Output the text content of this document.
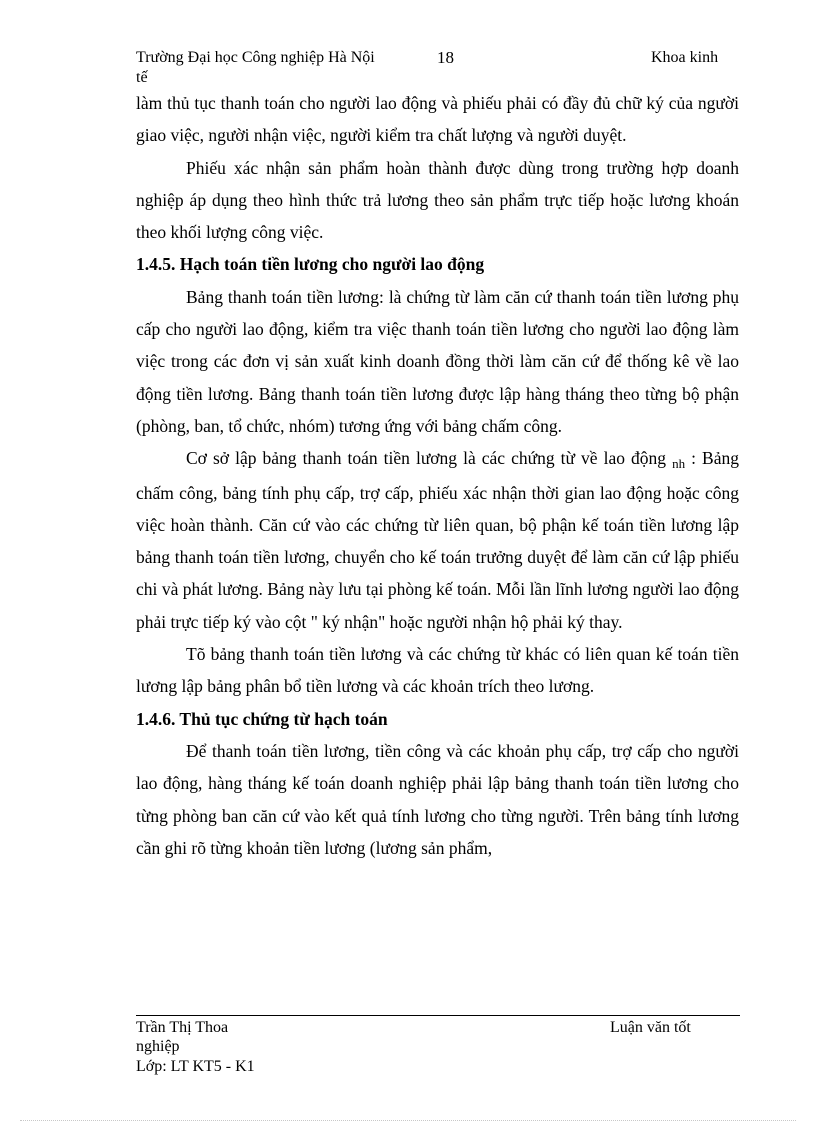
Trường Đại học Công nghiệp Hà Nội	18	Khoa kinh
tế

làm thủ tục thanh toán cho người lao động và phiếu phải có đầy đủ chữ ký của người giao việc, người nhận việc, người kiểm tra chất lượng và người duyệt.

Phiếu xác nhận sản phẩm hoàn thành được dùng trong trường hợp doanh nghiệp áp dụng theo hình thức trả lương theo sản phẩm trực tiếp hoặc lương khoán theo khối lượng công việc.

1.4.5. Hạch toán tiền lương cho người lao động

Bảng thanh toán tiền lương: là chứng từ làm căn cứ thanh toán tiền lương phụ cấp cho người lao động, kiểm tra việc thanh toán tiền lương cho người lao động làm việc trong các đơn vị sản xuất kinh doanh đồng thời làm căn cứ để thống kê về lao động tiền lương. Bảng thanh toán tiền lương được lập hàng tháng theo từng bộ phận (phòng, ban, tổ chức, nhóm) tương ứng với bảng chấm công.

Cơ sở lập bảng thanh toán tiền lương là các chứng từ về lao động $_{nh}$ : Bảng chấm công, bảng tính phụ cấp, trợ cấp, phiếu xác nhận thời gian lao động hoặc công việc hoàn thành. Căn cứ vào các chứng từ liên quan, bộ phận kế toán tiền lương lập bảng thanh toán tiền lương, chuyển cho kế toán trưởng duyệt để làm căn cứ lập phiếu chi và phát lương. Bảng này lưu tại phòng kế toán. Mỗi lần lĩnh lương người lao động phải trực tiếp ký vào cột " ký nhận" hoặc người nhận hộ phải ký thay.

Tõ bảng thanh toán tiền lương và các chứng từ khác có liên quan kế toán tiền lương lập bảng phân bổ tiền lương và các khoản trích theo lương.

1.4.6. Thủ tục chứng từ hạch toán

Để thanh toán tiền lương, tiền công và các khoản phụ cấp, trợ cấp cho người lao động, hàng tháng kế toán doanh nghiệp phải lập bảng thanh toán tiền lương cho từng phòng ban căn cứ vào kết quả tính lương cho từng người. Trên bảng tính lương cần ghi rõ từng khoản tiền lương (lương sản phẩm,

Trần Thị Thoa	Luận văn tốt
nghiệp
Lớp: LT KT5 - K1
